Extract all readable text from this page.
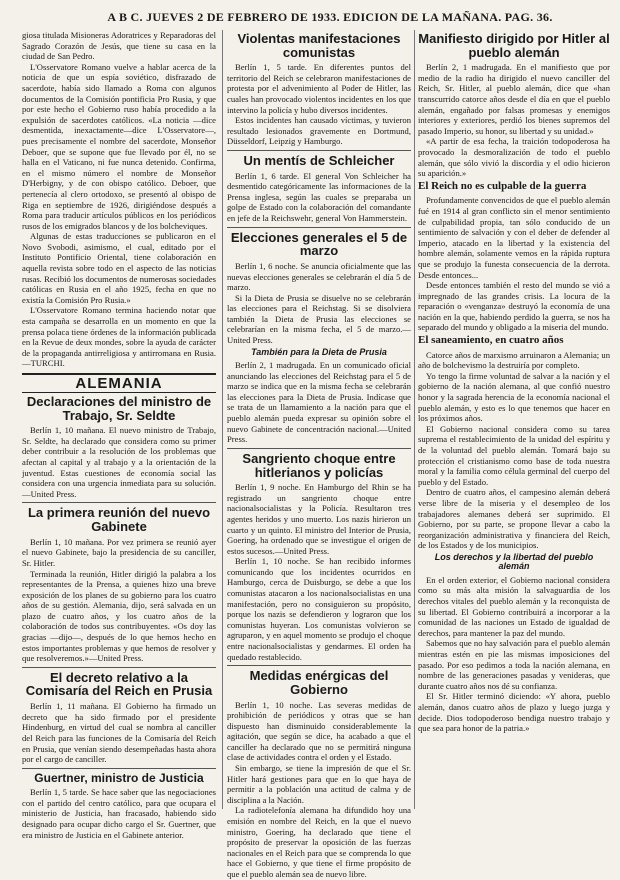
A B C. JUEVES 2 DE FEBRERO DE 1933. EDICION DE LA MAÑANA. PAG. 36.

giosa titulada Misioneras Adoratrices y Reparadoras del Sagrado Corazón de Jesús, que tiene su casa en la ciudad de San Pedro.

L'Osservatore Romano vuelve a hablar acerca de la noticia de que un espía soviético, disfrazado de sacerdote, había sido llamado a Roma con algunos documentos de la Comisión pontificia Pro Rusia, y que por este hecho el Gobierno ruso había procedido a la expulsión de sacerdotes católicos. «La noticia —dice desmentida, inexactamente—dice L'Osservatore—, pues precisamente el nombre del sacerdote, Monseñor Deboer, que se supone que fue llevado por él, no se halla en el Vaticano, ni fue nunca detenido. Confirma, en el mismo número el nombre de Monseñor D'Herbigny, y de con obispo católico. Deboer, que pertenecía al clero ortodoxo, se presentó al obispo de Riga en septiembre de 1926, dirigiéndose después a Roma para traducir artículos públicos en los periódicos rusos de los emigrados blancos y de los bolcheviques.

Algunas de estas traducciones se publicaron en el Novo Svobodi, asimismo, el cual, editado por el Instituto Pontificio Oriental, tiene colaboración en aquella revista sobre todo en el aspecto de las noticias rusas. Recibió los documentos de numerosas sociedades católicas en Rusia en el año 1925, fecha en que no existía la Comisión Pro Rusia.»

L'Osservatore Romano termina haciendo notar que esta campaña se desarrolla en un momento en que la prensa polaca tiene órdenes de la información publicada en la Revue de deux mondes, sobre la ayuda de carácter de la propaganda antirreligiosa y antirromana en Rusia.—TURCHI.

ALEMANIA
Declaraciones del ministro de Trabajo, Sr. Seldte

Berlín 1, 10 mañana. El nuevo ministro de Trabajo, Sr. Seldte, ha declarado que considera como su primer deber contribuir a la resolución de los problemas que afectan al capital y al trabajo y a la orientación de la juventud. Estas cuestiones de economía social las considera con una urgencia inmediata para su solución.—United Press.

La primera reunión del nuevo Gabinete

Berlín 1, 10 mañana. Por vez primera se reunió ayer el nuevo Gabinete, bajo la presidencia de su canciller, Sr. Hitler.

Terminada la reunión, Hitler dirigió la palabra a los representantes de la Prensa, a quienes hizo una breve exposición de los planes de su gobierno para los cuatro años de su gestión. Alemania, dijo, será salvada en un plazo de cuatro años, y los cuatro años de la colaboración de todos sus contribuyentes. «Os doy las gracias —dijo—, después de lo que hemos hecho en estos importantes problemas y que hemos de resolver y que resolveremos.»—United Press.

El decreto relativo a la Comisaría del Reich en Prusia

Berlín 1, 11 mañana. El Gobierno ha firmado un decreto que ha sido firmado por el presidente Hindenburg, en virtud del cual se nombra al canciller del Reich para las funciones de la Comisaría del Reich en Prusia, que venían siendo desempeñadas hasta ahora por el cargo de canciller.

Guertner, ministro de Justicia

Berlín 1, 5 tarde. Se hace saber que las negociaciones con el partido del centro católico, para que ocupara el ministerio de Justicia, han fracasado, habiendo sido designado para ocupar dicho cargo el Sr. Guertner, que era ministro de Justicia en el Gabinete anterior.

Violentas manifestaciones comunistas

Berlín 1, 5 tarde. En diferentes puntos del territorio del Reich se celebraron manifestaciones de protesta por el advenimiento al Poder de Hitler, las cuales han provocado violentos incidentes en los que intervino la policía y hubo diversos incidentes.

Estos incidentes han causado víctimas, y tuvieron resultado lesionados gravemente en Dortmund, Düsseldorf, Leipzig y Hamburgo.

Un mentís de Schleicher

Berlín 1, 6 tarde. El general Von Schleicher ha desmentido categóricamente las informaciones de la Prensa inglesa, según las cuales se preparaba un golpe de Estado con la colaboración del comandante en jefe de la Reichswehr, general Von Hammerstein.

Elecciones generales el 5 de marzo

Berlín 1, 6 noche. Se anuncia oficialmente que las nuevas elecciones generales se celebrarán el día 5 de marzo.

Si la Dieta de Prusia se disuelve no se celebrarán las elecciones para el Reichstag. Si se disolviera también la Dieta de Prusia las elecciones se celebrarían en la misma fecha, el 5 de marzo.—United Press.

También para la Dieta de Prusia

Berlín 2, 1 madrugada. En un comunicado oficial anunciando las elecciones del Reichstag para el 5 de marzo se indica que en la misma fecha se celebrarán las elecciones para la Dieta de Prusia. Indícase que se trata de un llamamiento a la nación para que el pueblo alemán pueda expresar su opinión sobre el nuevo Gabinete de concentración nacional.—United Press.

Sangriento choque entre hitlerianos y policías

Berlín 1, 9 noche. En Hamburgo del Rhin se ha registrado un sangriento choque entre nacionalsocialistas y la Policía. Resultaron tres agentes heridos y uno muerto. Los nazis hirieron un cuarto y un quinto. El ministro del Interior de Prusia, Goering, ha ordenado que se investigue el origen de estos sucesos.—United Press.

Berlín 1, 10 noche. Se han recibido informes comunicando que los incidentes ocurridos en Hamburgo, cerca de Duisburgo, se debe a que los comunistas atacaron a los nacionalsocialistas en una manifestación, pero no consiguieron su propósito, porque los nazis se defendieron y lograron que los comunistas huyeran. Los comunistas volvieron se agruparon, y en aquel momento se produjo el choque entre nacionalsocialistas y gendarmes. El orden ha quedado restablecido.

Medidas enérgicas del Gobierno

Berlín 1, 10 noche. Las severas medidas de prohibición de periódicos y otras que se han dispuesto han disminuido considerablemente la agitación, que según se dice, ha acabado a que el canciller ha declarado que no se permitirá ninguna clase de actividades contra el orden y el Estado.

Sin embargo, se tiene la impresión de que el Sr. Hitler hará gestiones para que en lo que haya de permitir a la población una actitud de calma y de disciplina a la Nación.

La radiotelefonía alemana ha difundido hoy una emisión en nombre del Reich, en la que el nuevo ministro, Goering, ha declarado que tiene el propósito de preservar la oposición de las fuerzas nacionales en el Reich para que se comprenda lo que hace el Gobierno, y que tiene el firme propósito de que el pueblo alemán sea de nuevo libre.

Manifiesto dirigido por Hitler al pueblo alemán

Berlín 2, 1 madrugada. En el manifiesto que por medio de la radio ha dirigido el nuevo canciller del Reich, Sr. Hitler, al pueblo alemán, dice que «han transcurrido catorce años desde el día en que el pueblo alemán, engañado por falsas promesas y enemigos interiores y exteriores, perdió los bienes supremos del pasado Imperio, su honor, su libertad y su unidad.»

«A partir de esa fecha, la traición todopoderosa ha provocado la desmoralización de todo el pueblo alemán, que sólo vivió la discordia y el odio hicieron su aparición.»

El Reich no es culpable de la guerra

Profundamente convencidos de que el pueblo alemán fué en 1914 al gran conflicto sin el menor sentimiento de culpabilidad propia, tan sólo conducido de un sentimiento de salvación y con el deber de defender al Imperio, atacado en la libertad y la existencia del hombre alemán, solamente vemos en la rápida ruptura que se produjo la funesta consecuencia de la derrota. Desde entonces...

Desde entonces también el resto del mundo se vió a impregnado de las grandes crisis. La locura de la reparación o «venganza» destruyó la economía de una nación en la que, habiendo perdido la guerra, se nos ha separado del mundo y obligado a la miseria del mundo.

El saneamiento, en cuatro años

Catorce años de marxismo arruinaron a Alemania; un año de bolchevismo la destruiría por completo.

Yo tengo la firme voluntad de salvar a la nación y el gobierno de la nación alemana, al que confió nuestro honor y la sagrada herencia de la economía nacional el pueblo alemán, y esto es lo que tenemos que hacer en los próximos años.

El Gobierno nacional considera como su tarea suprema el restablecimiento de la unidad del espíritu y de la voluntad del pueblo alemán. Tomará bajo su protección el cristianismo como base de toda nuestra moral y la familia como célula germinal del cuerpo del pueblo y del Estado.

Dentro de cuatro años, el campesino alemán deberá verse libre de la miseria y el desempleo de los trabajadores alemanes deberá ser suprimido. El Gobierno, por su parte, se propone llevar a cabo la reorganización administrativa y financiera del Reich, de los Estados y de los municipios.

Los derechos y la libertad del pueblo alemán

En el orden exterior, el Gobierno nacional considera como su más alta misión la salvaguardia de los derechos vitales del pueblo alemán y la reconquista de su libertad. El Gobierno contribuirá a incorporar a la comunidad de las naciones un Estado de igualdad de derechos, para mantener la paz del mundo.

Sabemos que no hay salvación para el pueblo alemán mientras estén en pie las mismas imposiciones del pasado. Por eso pedimos a toda la nación alemana, en nombre de las generaciones pasadas y venideras, que durante cuatro años nos dé su confianza.

El Sr. Hitler terminó diciendo: «Y ahora, pueblo alemán, danos cuatro años de plazo y luego juzga y decide. Dios todopoderoso bendiga nuestro trabajo y que sea para honor de la patria.»
